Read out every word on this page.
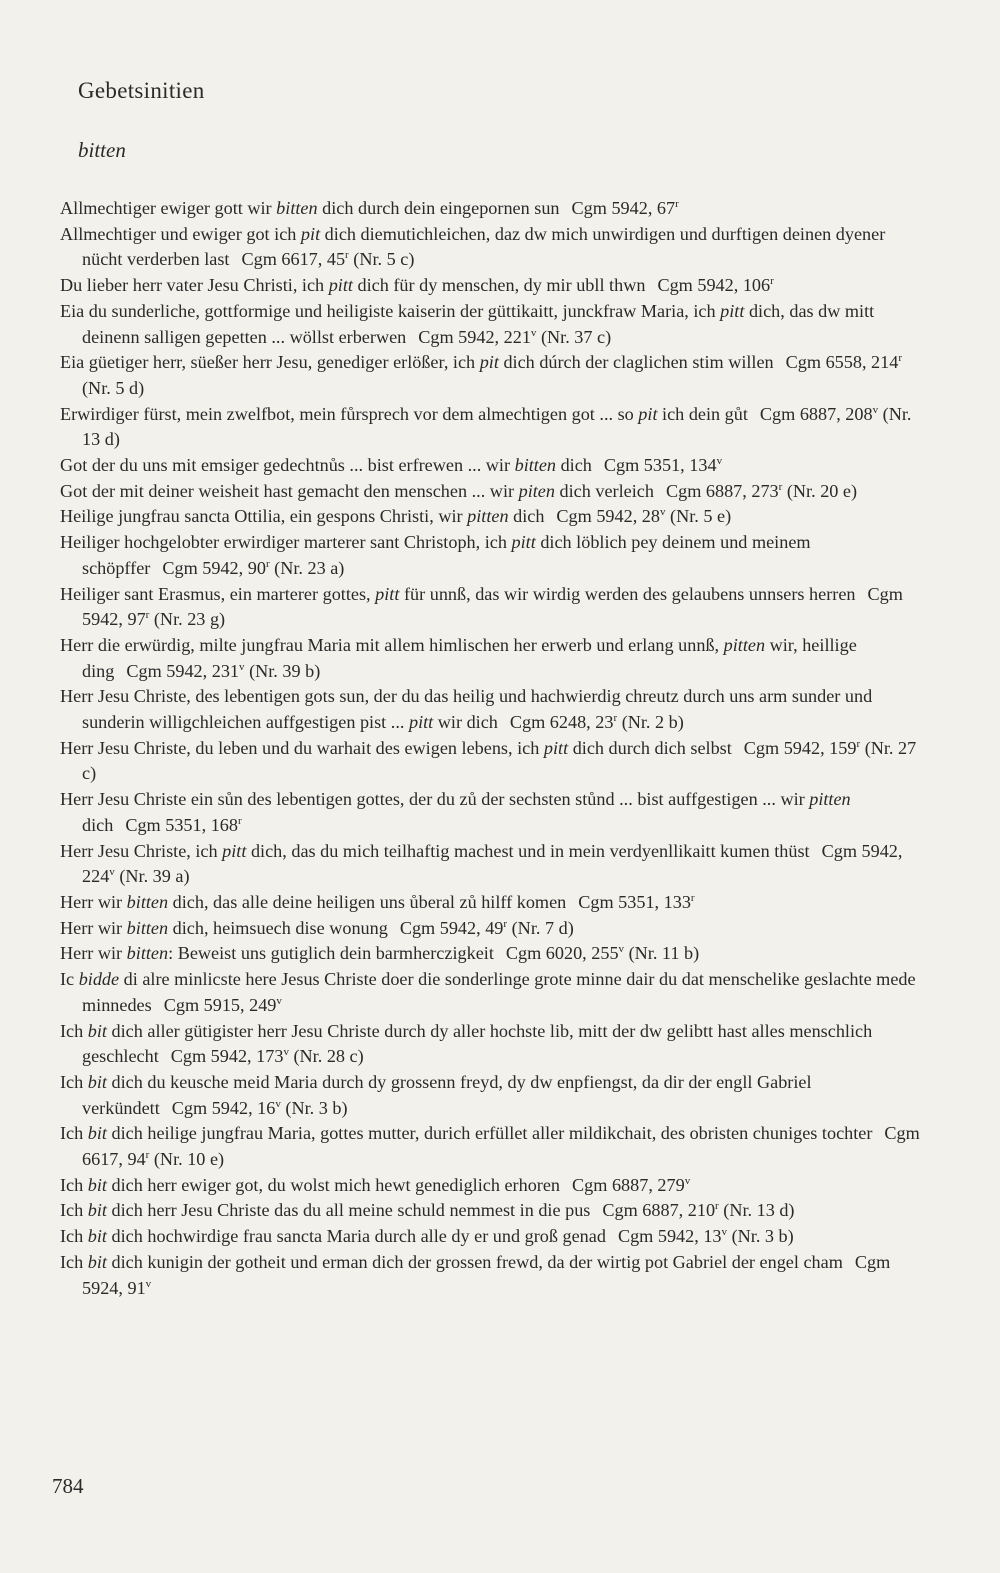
Gebetsinitien
bitten

Allmechtiger ewiger gott wir bitten dich durch dein eingepornen sun Cgm 5942, 67$^r$

Allmechtiger und ewiger got ich pit dich diemutichleichen, daz dw mich unwirdigen und durftigen deinen dyener nücht verderben last Cgm 6617, 45$^r$ (Nr. 5 c)

Du lieber herr vater Jesu Christi, ich pitt dich für dy menschen, dy mir ubll thwn Cgm 5942, 106$^r$

Eia du sunderliche, gottformige und heiligiste kaiserin der güttikaitt, junckfraw Maria, ich pitt dich, das dw mitt deinenn salligen gepetten ... wöllst erberwen Cgm 5942, 221$^v$ (Nr. 37 c)

Eia güetiger herr, süeßer herr Jesu, genediger erlößer, ich pit dich dúrch der claglichen stim willen Cgm 6558, 214$^r$ (Nr. 5 d)

Erwirdiger fürst, mein zwelfbot, mein fůrsprech vor dem almechtigen got ... so pit ich dein gůt Cgm 6887, 208$^v$ (Nr. 13 d)

Got der du uns mit emsiger gedechtnůs ... bist erfrewen ... wir bitten dich Cgm 5351, 134$^v$

Got der mit deiner weisheit hast gemacht den menschen ... wir piten dich verleich Cgm 6887, 273$^r$ (Nr. 20 e)

Heilige jungfrau sancta Ottilia, ein gespons Christi, wir pitten dich Cgm 5942, 28$^v$ (Nr. 5 e)

Heiliger hochgelobter erwirdiger marterer sant Christoph, ich pitt dich löblich pey deinem und meinem schöpffer Cgm 5942, 90$^r$ (Nr. 23 a)

Heiliger sant Erasmus, ein marterer gottes, pitt für unnß, das wir wirdig werden des gelaubens unnsers herren Cgm 5942, 97$^r$ (Nr. 23 g)

Herr die erwürdig, milte jungfrau Maria mit allem himlischen her erwerb und erlang unnß, pitten wir, heillige ding Cgm 5942, 231$^v$ (Nr. 39 b)

Herr Jesu Christe, des lebentigen gots sun, der du das heilig und hachwierdig chreutz durch uns arm sunder und sunderin willigchleichen auffgestigen pist ... pitt wir dich Cgm 6248, 23$^r$ (Nr. 2 b)

Herr Jesu Christe, du leben und du warhait des ewigen lebens, ich pitt dich durch dich selbst Cgm 5942, 159$^r$ (Nr. 27 c)

Herr Jesu Christe ein sůn des lebentigen gottes, der du zů der sechsten stůnd ... bist auffgestigen ... wir pitten dich Cgm 5351, 168$^r$

Herr Jesu Christe, ich pitt dich, das du mich teilhaftig machest und in mein verdyenllikaitt kumen thüst Cgm 5942, 224$^v$ (Nr. 39 a)

Herr wir bitten dich, das alle deine heiligen uns ůberal zů hilff komen Cgm 5351, 133$^r$

Herr wir bitten dich, heimsuech dise wonung Cgm 5942, 49$^r$ (Nr. 7 d)

Herr wir bitten: Beweist uns gutiglich dein barmherczigkeit Cgm 6020, 255$^v$ (Nr. 11 b)

Ic bidde di alre minlicste here Jesus Christe doer die sonderlinge grote minne dair du dat menschelike geslachte mede minnedes Cgm 5915, 249$^v$

Ich bit dich aller gütigister herr Jesu Christe durch dy aller hochste lib, mitt der dw gelibtt hast alles menschlich geschlecht Cgm 5942, 173$^v$ (Nr. 28 c)

Ich bit dich du keusche meid Maria durch dy grossenn freyd, dy dw enpfiengst, da dir der engll Gabriel verkündett Cgm 5942, 16$^v$ (Nr. 3 b)

Ich bit dich heilige jungfrau Maria, gottes mutter, durich erfüllet aller mildikchait, des obristen chuniges tochter Cgm 6617, 94$^r$ (Nr. 10 e)

Ich bit dich herr ewiger got, du wolst mich hewt genediglich erhoren Cgm 6887, 279$^v$

Ich bit dich herr Jesu Christe das du all meine schuld nemmest in die pus Cgm 6887, 210$^r$ (Nr. 13 d)

Ich bit dich hochwirdige frau sancta Maria durch alle dy er und groß genad Cgm 5942, 13$^v$ (Nr. 3 b)

Ich bit dich kunigin der gotheit und erman dich der grossen frewd, da der wirtig pot Gabriel der engel cham Cgm 5924, 91$^v$

784
